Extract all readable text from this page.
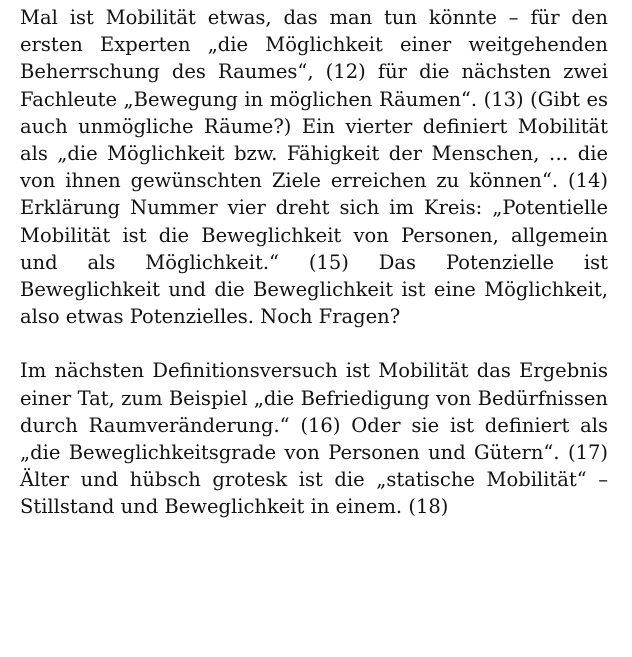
Mal ist Mobilität etwas, das man tun könnte – für den ersten Experten „die Möglichkeit einer weitgehenden Beherrschung des Raumes“, (12) für die nächsten zwei Fachleute „Bewegung in möglichen Räumen“. (13) (Gibt es auch unmögliche Räume?) Ein vierter definiert Mobilität als „die Möglichkeit bzw. Fähigkeit der Menschen, … die von ihnen gewünschten Ziele erreichen zu können“. (14) Erklärung Nummer vier dreht sich im Kreis: „Potentielle Mobilität ist die Beweglichkeit von Personen, allgemein und als Möglichkeit.“ (15) Das Potenzielle ist Beweglichkeit und die Beweglichkeit ist eine Möglichkeit, also etwas Potenzielles. Noch Fragen?

Im nächsten Definitionsversuch ist Mobilität das Ergebnis einer Tat, zum Beispiel „die Befriedigung von Bedürfnissen durch Raumveränderung.“ (16) Oder sie ist definiert als „die Beweglichkeitsgrade von Personen und Gütern“. (17) Älter und hübsch grotesk ist die „statische Mobilität“ – Stillstand und Beweglichkeit in einem. (18)
